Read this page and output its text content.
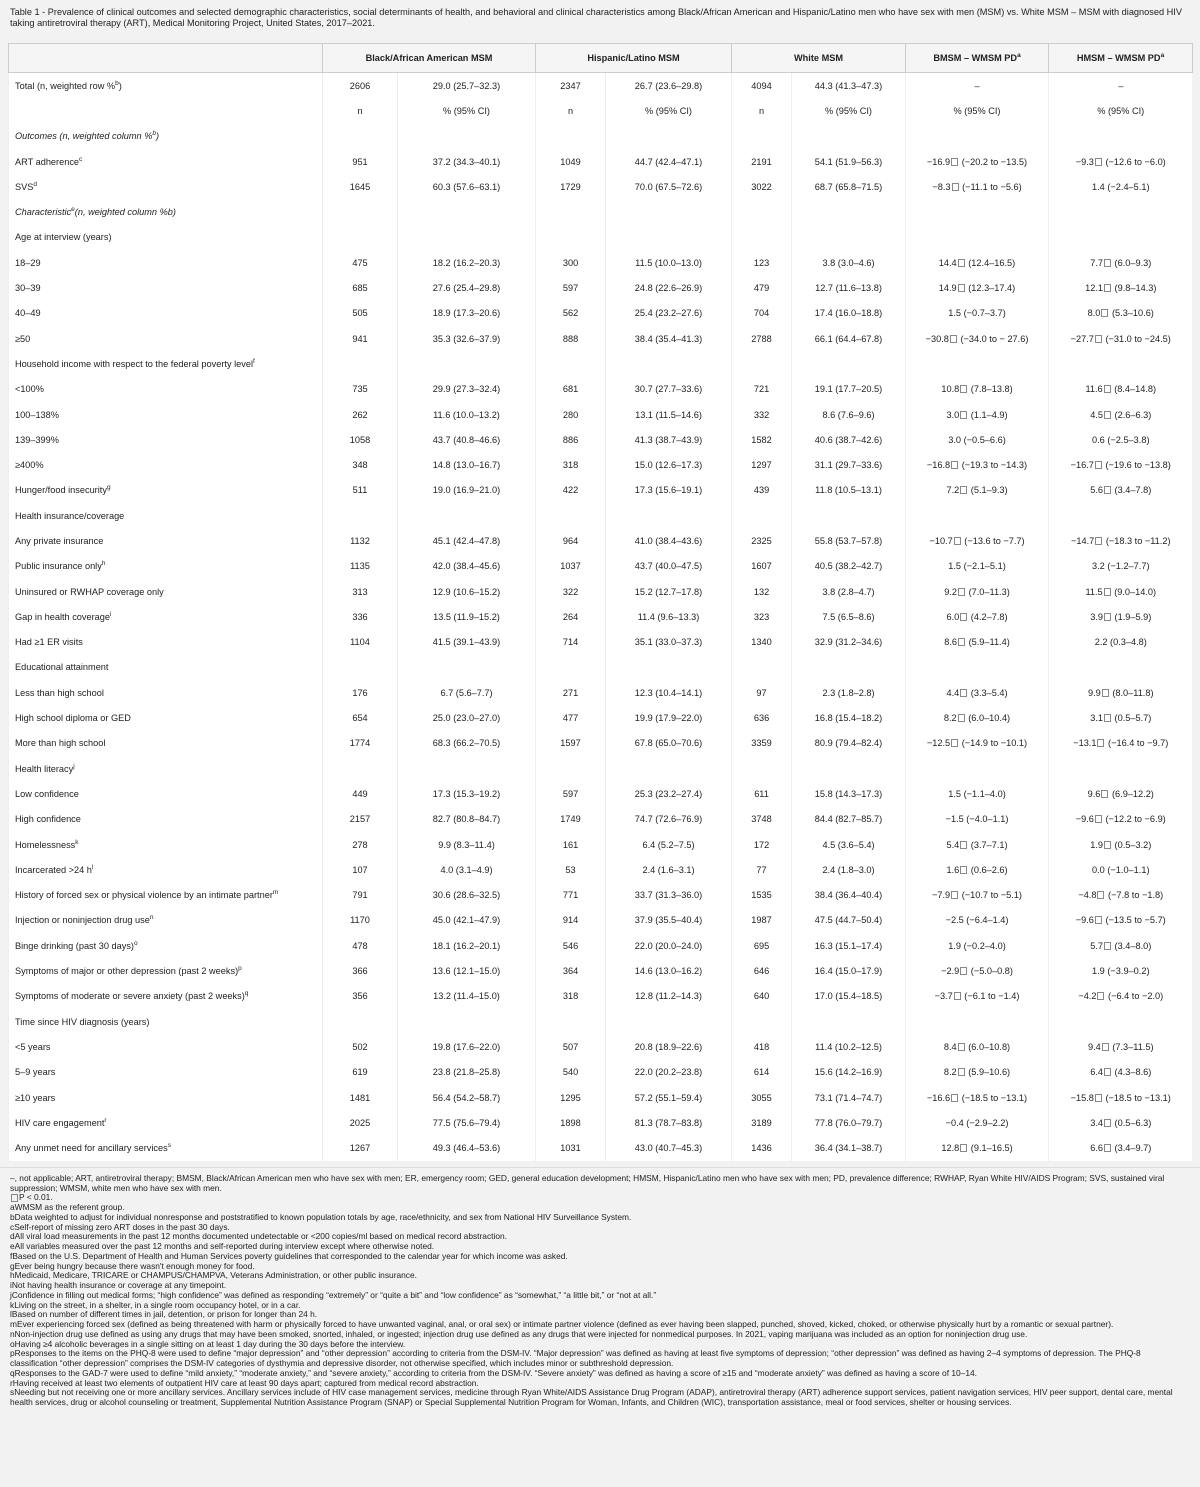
Table 1 - Prevalence of clinical outcomes and selected demographic characteristics, social determinants of health, and behavioral and clinical characteristics among Black/African American and Hispanic/Latino men who have sex with men (MSM) vs. White MSM – MSM with diagnosed HIV taking antiretroviral therapy (ART), Medical Monitoring Project, United States, 2017–2021.
	Black/African American MSM		Hispanic/Latino MSM		White MSM		BMSM – WMSM $PD^a$	HMSM – WMSM $PD^a$
Total (n, weighted row %$^b$)	2606	29.0 (25.7–32.3)	2347	26.7 (23.6–29.8)	4094	44.3 (41.3–47.3)	–	–
	n	% (95% CI)	n	% (95% CI)	n	% (95% CI)	% (95% CI)	% (95% CI)
Outcomes (n, weighted column %$^b$)								
ART adherence$^c$	951	37.2 (34.3–40.1)	1049	44.7 (42.4–47.1)	2191	54.1 (51.9–56.3)	−16.9 (−20.2 to −13.5)	−9.3 (−12.6 to −6.0)
SVS$^d$	1645	60.3 (57.6–63.1)	1729	70.0 (67.5–72.6)	3022	68.7 (65.8–71.5)	−8.3 (−11.1 to −5.6)	1.4 (−2.4–5.1)
Characteristic$^e$(n, weighted column %b)								
Age at interview (years)								
18–29	475	18.2 (16.2–20.3)	300	11.5 (10.0–13.0)	123	3.8 (3.0–4.6)	14.4 (12.4–16.5)	7.7 (6.0–9.3)
30–39	685	27.6 (25.4–29.8)	597	24.8 (22.6–26.9)	479	12.7 (11.6–13.8)	14.9 (12.3–17.4)	12.1 (9.8–14.3)
40–49	505	18.9 (17.3–20.6)	562	25.4 (23.2–27.6)	704	17.4 (16.0–18.8)	1.5 (−0.7–3.7)	8.0 (5.3–10.6)
≥50	941	35.3 (32.6–37.9)	888	38.4 (35.4–41.3)	2788	66.1 (64.4–67.8)	−30.8 (−34.0 to − 27.6)	−27.7 (−31.0 to −24.5)
Household income with respect to the federal poverty level$^f$								
<100%	735	29.9 (27.3–32.4)	681	30.7 (27.7–33.6)	721	19.1 (17.7–20.5)	10.8 (7.8–13.8)	11.6 (8.4–14.8)
100–138%	262	11.6 (10.0–13.2)	280	13.1 (11.5–14.6)	332	8.6 (7.6–9.6)	3.0 (1.1–4.9)	4.5 (2.6–6.3)
139–399%	1058	43.7 (40.8–46.6)	886	41.3 (38.7–43.9)	1582	40.6 (38.7–42.6)	3.0 (−0.5–6.6)	0.6 (−2.5–3.8)
≥400%	348	14.8 (13.0–16.7)	318	15.0 (12.6–17.3)	1297	31.1 (29.7–33.6)	−16.8 (−19.3 to −14.3)	−16.7 (−19.6 to −13.8)
Hunger/food insecurity$^g$	511	19.0 (16.9–21.0)	422	17.3 (15.6–19.1)	439	11.8 (10.5–13.1)	7.2 (5.1–9.3)	5.6 (3.4–7.8)
Health insurance/coverage								
Any private insurance	1132	45.1 (42.4–47.8)	964	41.0 (38.4–43.6)	2325	55.8 (53.7–57.8)	−10.7 (−13.6 to −7.7)	−14.7 (−18.3 to −11.2)
Public insurance only$^h$	1135	42.0 (38.4–45.6)	1037	43.7 (40.0–47.5)	1607	40.5 (38.2–42.7)	1.5 (−2.1–5.1)	3.2 (−1.2–7.7)
Uninsured or RWHAP coverage only	313	12.9 (10.6–15.2)	322	15.2 (12.7–17.8)	132	3.8 (2.8–4.7)	9.2 (7.0–11.3)	11.5 (9.0–14.0)
Gap in health coverage$^i$	336	13.5 (11.9–15.2)	264	11.4 (9.6–13.3)	323	7.5 (6.5–8.6)	6.0 (4.2–7.8)	3.9 (1.9–5.9)
Had ≥1 ER visits	1104	41.5 (39.1–43.9)	714	35.1 (33.0–37.3)	1340	32.9 (31.2–34.6)	8.6 (5.9–11.4)	2.2 (0.3–4.8)
Educational attainment								
Less than high school	176	6.7 (5.6–7.7)	271	12.3 (10.4–14.1)	97	2.3 (1.8–2.8)	4.4 (3.3–5.4)	9.9 (8.0–11.8)
High school diploma or GED	654	25.0 (23.0–27.0)	477	19.9 (17.9–22.0)	636	16.8 (15.4–18.2)	8.2 (6.0–10.4)	3.1 (0.5–5.7)
More than high school	1774	68.3 (66.2–70.5)	1597	67.8 (65.0–70.6)	3359	80.9 (79.4–82.4)	−12.5 (−14.9 to −10.1)	−13.1 (−16.4 to −9.7)
Health literacy$^j$								
Low confidence	449	17.3 (15.3–19.2)	597	25.3 (23.2–27.4)	611	15.8 (14.3–17.3)	1.5 (−1.1–4.0)	9.6 (6.9–12.2)
High confidence	2157	82.7 (80.8–84.7)	1749	74.7 (72.6–76.9)	3748	84.4 (82.7–85.7)	−1.5 (−4.0–1.1)	−9.6 (−12.2 to −6.9)
Homelessness$^k$	278	9.9 (8.3–11.4)	161	6.4 (5.2–7.5)	172	4.5 (3.6–5.4)	5.4 (3.7–7.1)	1.9 (0.5–3.2)
Incarcerated >24 $h^l$	107	4.0 (3.1–4.9)	53	2.4 (1.6–3.1)	77	2.4 (1.8–3.0)	1.6 (0.6–2.6)	0.0 (−1.0–1.1)
History of forced sex or physical violence by an intimate partner$^m$	791	30.6 (28.6–32.5)	771	33.7 (31.3–36.0)	1535	38.4 (36.4–40.4)	−7.9 (−10.7 to −5.1)	−4.8 (−7.8 to −1.8)
Injection or noninjection drug use$^n$	1170	45.0 (42.1–47.9)	914	37.9 (35.5–40.4)	1987	47.5 (44.7–50.4)	−2.5 (−6.4–1.4)	−9.6 (−13.5 to −5.7)
Binge drinking (past 30 days)$^o$	478	18.1 (16.2–20.1)	546	22.0 (20.0–24.0)	695	16.3 (15.1–17.4)	1.9 (−0.2–4.0)	5.7 (3.4–8.0)
Symptoms of major or other depression (past 2 weeks)$^p$	366	13.6 (12.1–15.0)	364	14.6 (13.0–16.2)	646	16.4 (15.0–17.9)	−2.9 (−5.0–0.8)	1.9 (−3.9–0.2)
Symptoms of moderate or severe anxiety (past 2 weeks)$^q$	356	13.2 (11.4–15.0)	318	12.8 (11.2–14.3)	640	17.0 (15.4–18.5)	−3.7 (−6.1 to −1.4)	−4.2 (−6.4 to −2.0)
Time since HIV diagnosis (years)								
<5 years	502	19.8 (17.6–22.0)	507	20.8 (18.9–22.6)	418	11.4 (10.2–12.5)	8.4 (6.0–10.8)	9.4 (7.3–11.5)
5–9 years	619	23.8 (21.8–25.8)	540	22.0 (20.2–23.8)	614	15.6 (14.2–16.9)	8.2 (5.9–10.6)	6.4 (4.3–8.6)
≥10 years	1481	56.4 (54.2–58.7)	1295	57.2 (55.1–59.4)	3055	73.1 (71.4–74.7)	−16.6 (−18.5 to −13.1)	−15.8 (−18.5 to −13.1)
HIV care engagement$^r$	2025	77.5 (75.6–79.4)	1898	81.3 (78.7–83.8)	3189	77.8 (76.0–79.7)	−0.4 (−2.9–2.2)	3.4 (0.5–6.3)
Any unmet need for ancillary services$^s$	1267	49.3 (46.4–53.6)	1031	43.0 (40.7–45.3)	1436	36.4 (34.1–38.7)	12.8 (9.1–16.5)	6.6 (3.4–9.7)
–, not applicable; ART, antiretroviral therapy; BMSM, Black/African American men who have sex with men; ER, emergency room; GED, general education development; HMSM, Hispanic/Latino men who have sex with men; PD, prevalence difference; RWHAP, Ryan White HIV/AIDS Program; SVS, sustained viral suppression; WMSM, white men who have sex with men.
P < 0.01.
aWMSM as the referent group.
bData weighted to adjust for individual nonresponse and poststratified to known population totals by age, race/ethnicity, and sex from National HIV Surveillance System.
cSelf-report of missing zero ART doses in the past 30 days.
dAll viral load measurements in the past 12 months documented undetectable or <200 copies/ml based on medical record abstraction.
eAll variables measured over the past 12 months and self-reported during interview except where otherwise noted.
fBased on the U.S. Department of Health and Human Services poverty guidelines that corresponded to the calendar year for which income was asked.
gEver being hungry because there wasn't enough money for food.
hMedicaid, Medicare, TRICARE or CHAMPUS/CHAMPVA, Veterans Administration, or other public insurance.
iNot having health insurance or coverage at any timepoint.
jConfidence in filling out medical forms; “high confidence” was defined as responding “extremely” or “quite a bit” and “low confidence” as “somewhat,” “a little bit,” or “not at all.”
kLiving on the street, in a shelter, in a single room occupancy hotel, or in a car.
lBased on number of different times in jail, detention, or prison for longer than 24 h.
mEver experiencing forced sex (defined as being threatened with harm or physically forced to have unwanted vaginal, anal, or oral sex) or intimate partner violence (defined as ever having been slapped, punched, shoved, kicked, choked, or otherwise physically hurt by a romantic or sexual partner).
nNon-injection drug use defined as using any drugs that may have been smoked, snorted, inhaled, or ingested; injection drug use defined as any drugs that were injected for nonmedical purposes. In 2021, vaping marijuana was included as an option for noninjection drug use.
oHaving ≥4 alcoholic beverages in a single sitting on at least 1 day during the 30 days before the interview.
pResponses to the items on the PHQ-8 were used to define “major depression” and “other depression” according to criteria from the DSM-IV. “Major depression” was defined as having at least five symptoms of depression; “other depression” was defined as having 2–4 symptoms of depression. The PHQ-8 classification “other depression” comprises the DSM-IV categories of dysthymia and depressive disorder, not otherwise specified, which includes minor or subthreshold depression.
qResponses to the GAD-7 were used to define “mild anxiety,” “moderate anxiety,” and “severe anxiety,” according to criteria from the DSM-IV. “Severe anxiety” was defined as having a score of ≥15 and “moderate anxiety” was defined as having a score of 10–14.
rHaving received at least two elements of outpatient HIV care at least 90 days apart; captured from medical record abstraction.
sNeeding but not receiving one or more ancillary services. Ancillary services include of HIV case management services, medicine through Ryan White/AIDS Assistance Drug Program (ADAP), antiretroviral therapy (ART) adherence support services, patient navigation services, HIV peer support, dental care, mental health services, drug or alcohol counseling or treatment, Supplemental Nutrition Assistance Program (SNAP) or Special Supplemental Nutrition Program for Woman, Infants, and Children (WIC), transportation assistance, meal or food services, shelter or housing services.
